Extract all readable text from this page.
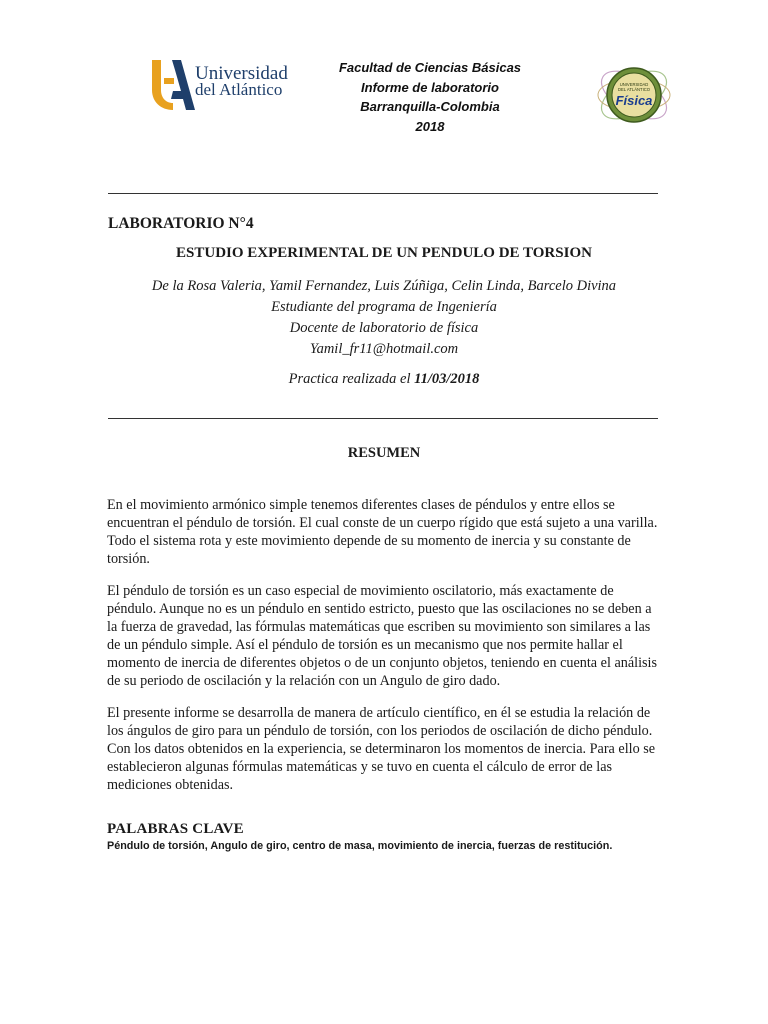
Universidad
del Atlántico
Facultad de Ciencias Básicas
Informe de laboratorio
Barranquilla-Colombia
2018
UNIVERSIDAD
DEL ATLÁNTICO
Física
LABORATORIO N°4
ESTUDIO EXPERIMENTAL DE UN PENDULO DE TORSION
De la Rosa Valeria, Yamil Fernandez, Luis Zúñiga, Celin Linda, Barcelo Divina
Estudiante del programa de Ingeniería
Docente de laboratorio de física
Yamil_fr11@hotmail.com
Practica realizada el 11/03/2018
RESUMEN

En el movimiento armónico simple tenemos diferentes clases de péndulos y entre ellos se encuentran el péndulo de torsión. El cual conste de un cuerpo rígido que está sujeto a una varilla. Todo el sistema rota y este movimiento depende de su momento de inercia y su constante de torsión.

El péndulo de torsión es un caso especial de movimiento oscilatorio, más exactamente de péndulo. Aunque no es un péndulo en sentido estricto, puesto que las oscilaciones no se deben a la fuerza de gravedad, las fórmulas matemáticas que escriben su movimiento son similares a las de un péndulo simple. Así el péndulo de torsión es un mecanismo que nos permite hallar el momento de inercia de diferentes objetos o de un conjunto objetos, teniendo en cuenta el análisis de su periodo de oscilación y la relación con un Angulo de giro dado.

El presente informe se desarrolla de manera de artículo científico, en él se estudia la relación de los ángulos de giro para un péndulo de torsión, con los periodos de oscilación de dicho péndulo. Con los datos obtenidos en la experiencia, se determinaron los momentos de inercia. Para ello se establecieron algunas fórmulas matemáticas y se tuvo en cuenta el cálculo de error de las mediciones obtenidas.

PALABRAS CLAVE
Péndulo de torsión, Angulo de giro, centro de masa, movimiento de inercia, fuerzas de restitución.
